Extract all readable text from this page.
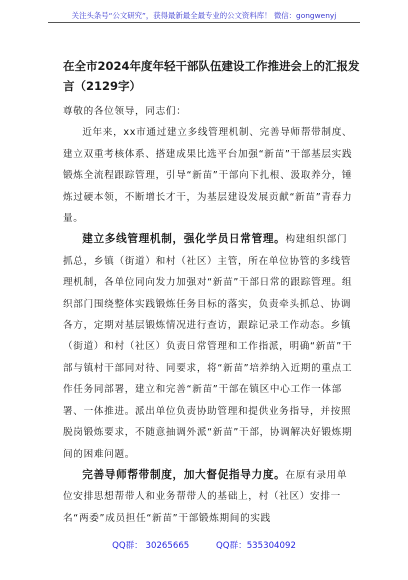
关注头条号“公文研究”，获得最新最全最专业的公文资料库！ 微信：gongwenyj
在全市2024年度年轻干部队伍建设工作推进会上的汇报发言（2129字）

尊敬的各位领导，同志们：

近年来，xx市通过建立多线管理机制、完善导师帮带制度、建立双重考核体系、搭建成果比选平台加强“新苗”干部基层实践锻炼全流程跟踪管理，引导“新苗”干部向下扎根、汲取养分，锤炼过硬本领，不断增长才干，为基层建设发展贡献“新苗”青春力量。

建立多线管理机制，强化学员日常管理。构建组织部门抓总，乡镇（街道）和村（社区）主管，所在单位协管的多线管理机制，各单位同向发力加强对“新苗”干部日常的跟踪管理。组织部门围绕整体实践锻炼任务目标的落实，负责牵头抓总、协调各方，定期对基层锻炼情况进行查访，跟踪记录工作动态。乡镇（街道）和村（社区）负责日常管理和工作指派，明确“新苗”干部与镇村干部同对待、同要求，将“新苗”培养纳入近期的重点工作任务同部署，建立和完善“新苗”干部在镇区中心工作一体部署、一体推进。派出单位负责协助管理和提供业务指导，并按照脱岗锻炼要求，不随意抽调外派“新苗”干部，协调解决好锻炼期间的困难问题。

完善导师帮带制度，加大督促指导力度。在原有录用单位安排思想帮带人和业务帮带人的基础上，村（社区）安排一名“两委”成员担任“新苗”干部锻炼期间的实践

QQ群： 30265665	QQ群：535304092
